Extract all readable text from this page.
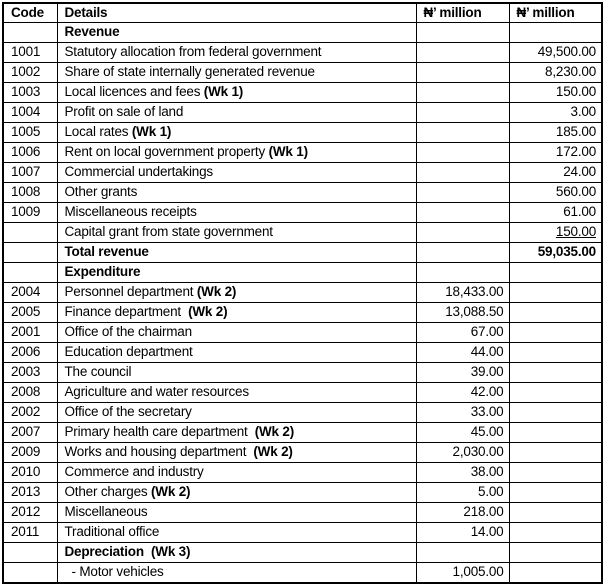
Code	Details	₦’ million	₦’ million
	Revenue		
1001	Statutory allocation from federal government		49,500.00
1002	Share of state internally generated revenue		8,230.00
1003	Local licences and fees (Wk 1)		150.00
1004	Profit on sale of land		3.00
1005	Local rates (Wk 1)		185.00
1006	Rent on local government property (Wk 1)		172.00
1007	Commercial undertakings		24.00
1008	Other grants		560.00
1009	Miscellaneous receipts		61.00
	Capital grant from state government		150.00
	Total revenue		59,035.00
	Expenditure		
2004	Personnel department (Wk 2)	18,433.00	
2005	Finance department  (Wk 2)	13,088.50	
2001	Office of the chairman	67.00	
2006	Education department	44.00	
2003	The council	39.00	
2008	Agriculture and water resources	42.00	
2002	Office of the secretary	33.00	
2007	Primary health care department  (Wk 2)	45.00	
2009	Works and housing department  (Wk 2)	2,030.00	
2010	Commerce and industry	38.00	
2013	Other charges (Wk 2)	5.00	
2012	Miscellaneous	218.00	
2011	Traditional office	14.00	
	Depreciation  (Wk 3)		
	- Motor vehicles	1,005.00	
